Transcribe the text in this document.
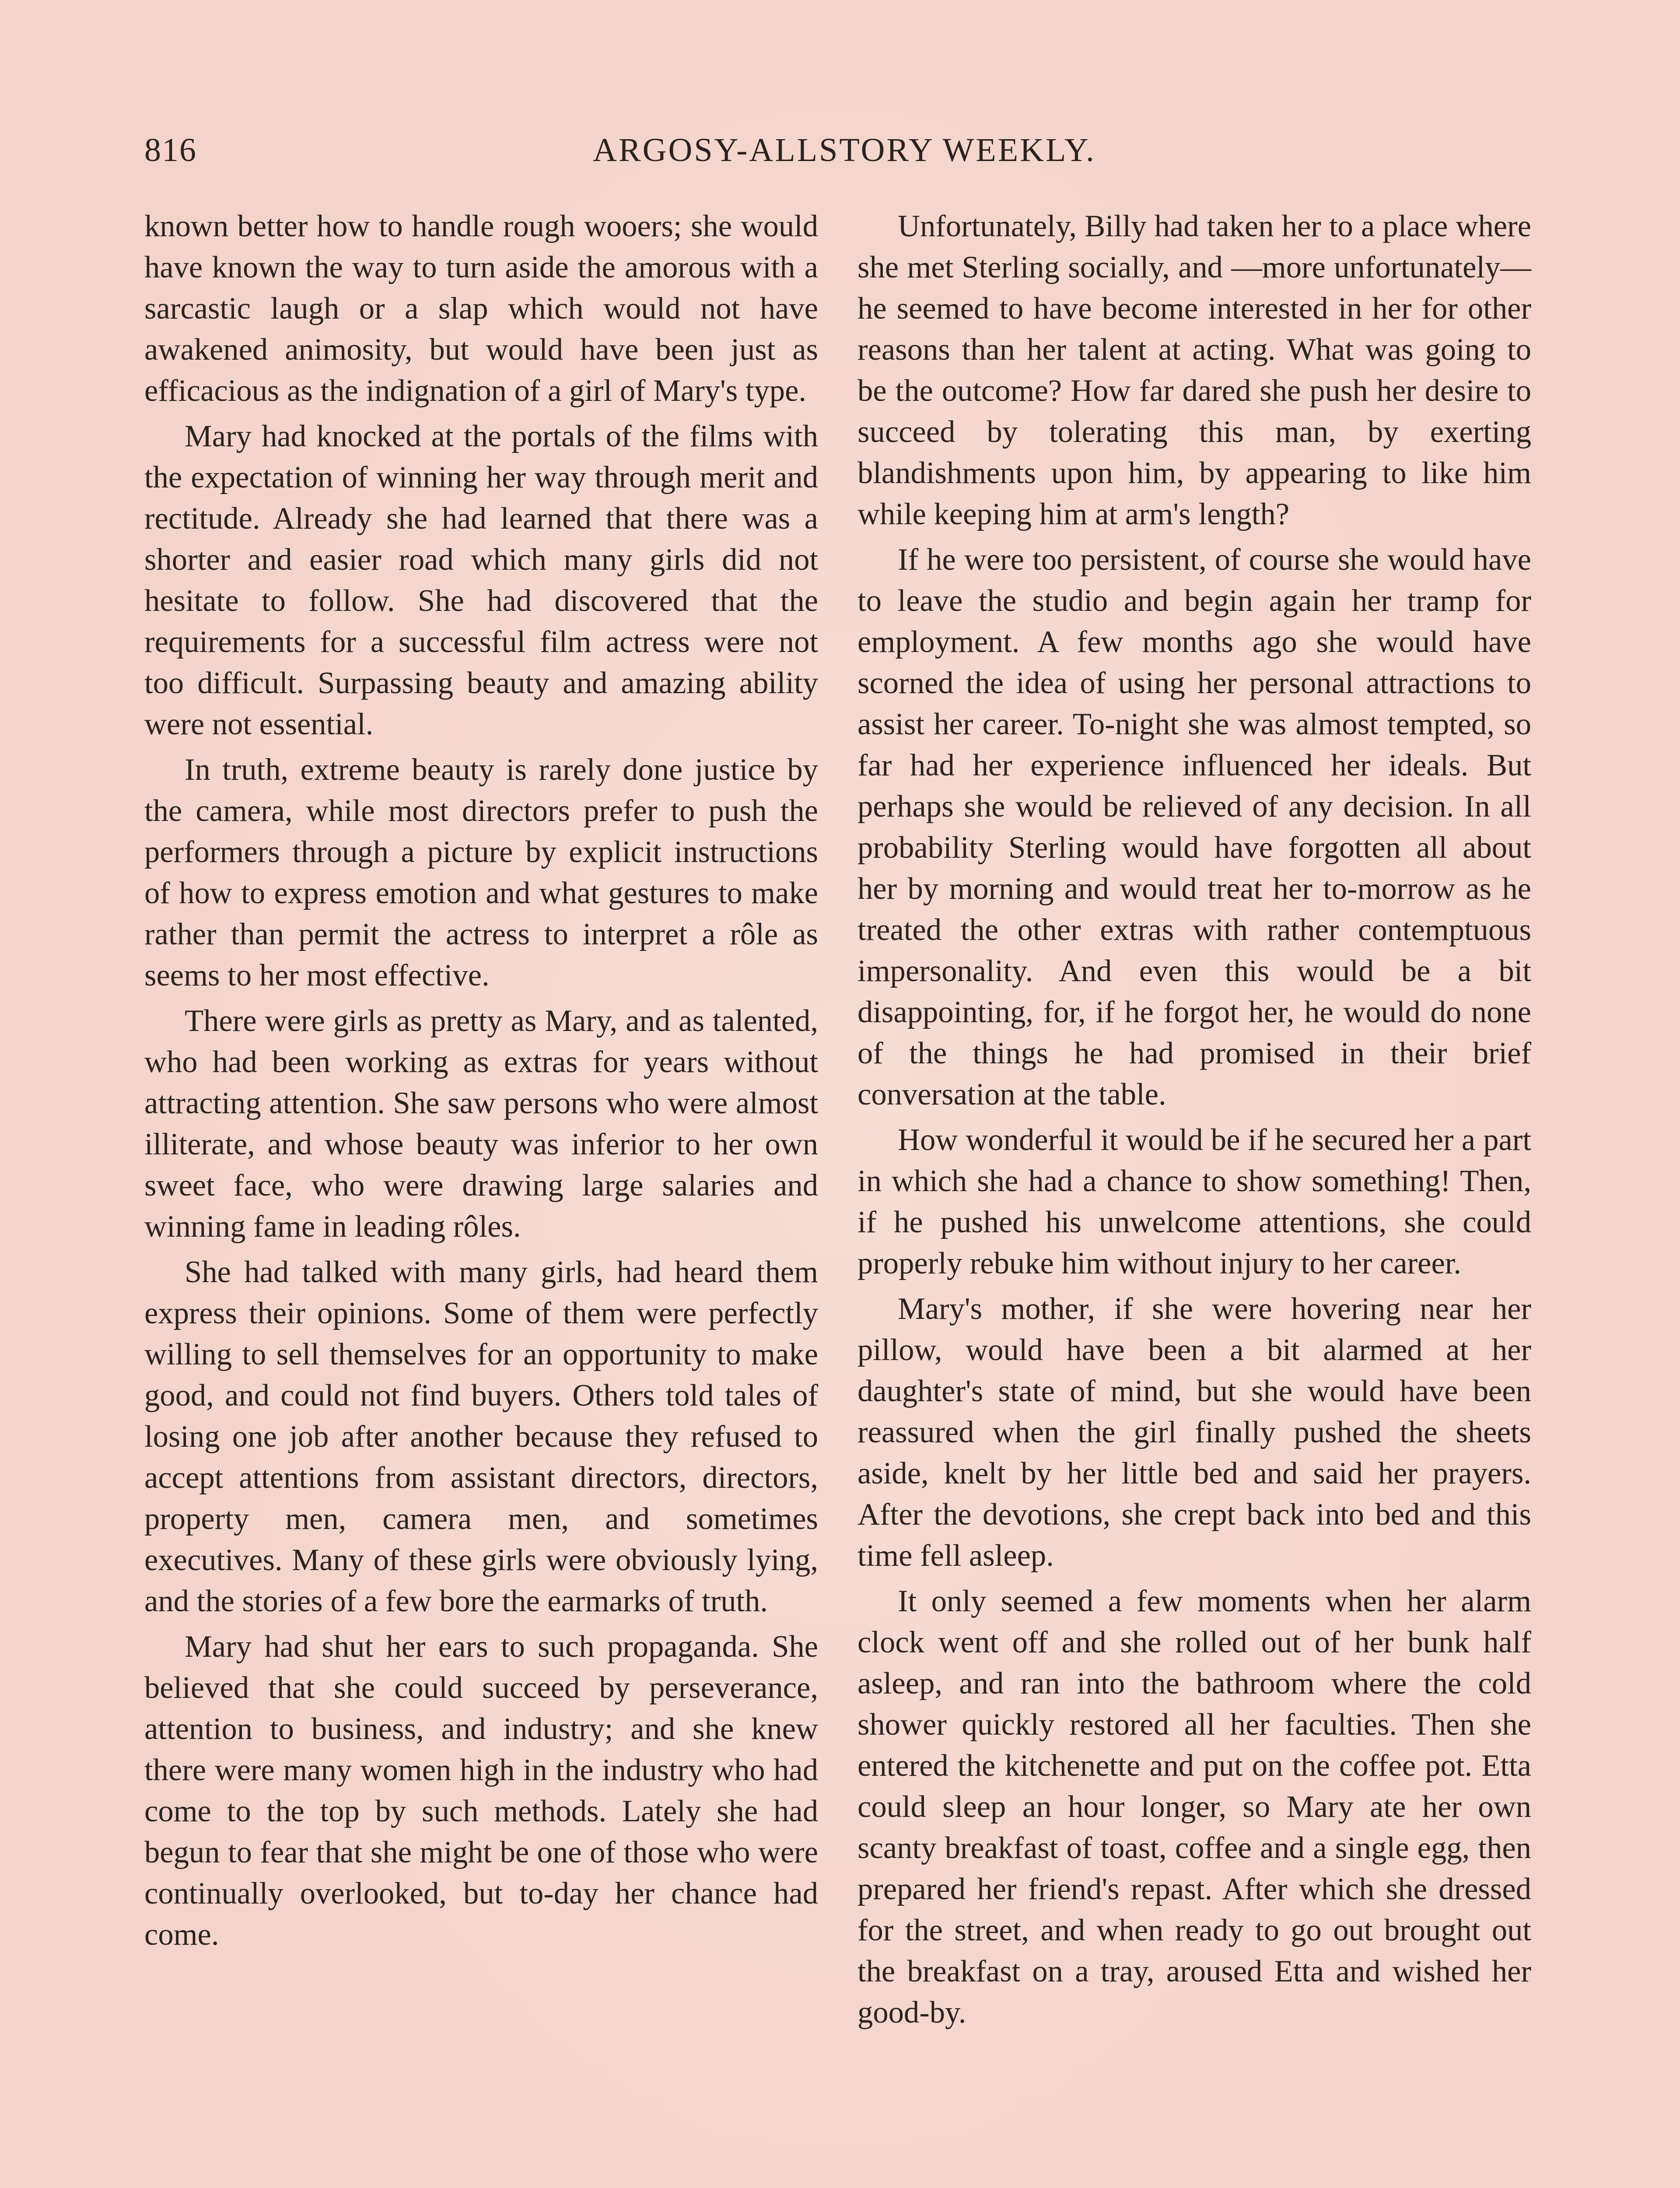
816	ARGOSY-ALLSTORY WEEKLY.

known better how to handle rough wooers; she would have known the way to turn aside the amorous with a sarcastic laugh or a slap which would not have awakened animosity, but would have been just as efficacious as the indignation of a girl of Mary's type.

Mary had knocked at the portals of the films with the expectation of winning her way through merit and rectitude. Already she had learned that there was a shorter and easier road which many girls did not hesitate to follow. She had discovered that the requirements for a successful film actress were not too difficult. Surpassing beauty and amazing ability were not essential.

In truth, extreme beauty is rarely done justice by the camera, while most directors prefer to push the performers through a picture by explicit instructions of how to express emotion and what gestures to make rather than permit the actress to interpret a rôle as seems to her most effective.

There were girls as pretty as Mary, and as talented, who had been working as extras for years without attracting attention. She saw persons who were almost illiterate, and whose beauty was inferior to her own sweet face, who were drawing large salaries and winning fame in leading rôles.

She had talked with many girls, had heard them express their opinions. Some of them were perfectly willing to sell themselves for an opportunity to make good, and could not find buyers. Others told tales of losing one job after another because they refused to accept attentions from assistant directors, directors, property men, camera men, and sometimes executives. Many of these girls were obviously lying, and the stories of a few bore the earmarks of truth.

Mary had shut her ears to such propaganda. She believed that she could succeed by perseverance, attention to business, and industry; and she knew there were many women high in the industry who had come to the top by such methods. Lately she had begun to fear that she might be one of those who were continually overlooked, but to-day her chance had come.

Unfortunately, Billy had taken her to a place where she met Sterling socially, and —more unfortunately—he seemed to have become interested in her for other reasons than her talent at acting. What was going to be the outcome? How far dared she push her desire to succeed by tolerating this man, by exerting blandishments upon him, by appearing to like him while keeping him at arm's length?

If he were too persistent, of course she would have to leave the studio and begin again her tramp for employment. A few months ago she would have scorned the idea of using her personal attractions to assist her career. To-night she was almost tempted, so far had her experience influenced her ideals. But perhaps she would be relieved of any decision. In all probability Sterling would have forgotten all about her by morning and would treat her to-morrow as he treated the other extras with rather contemptuous impersonality. And even this would be a bit disappointing, for, if he forgot her, he would do none of the things he had promised in their brief conversation at the table.

How wonderful it would be if he secured her a part in which she had a chance to show something! Then, if he pushed his unwelcome attentions, she could properly rebuke him without injury to her career.

Mary's mother, if she were hovering near her pillow, would have been a bit alarmed at her daughter's state of mind, but she would have been reassured when the girl finally pushed the sheets aside, knelt by her little bed and said her prayers. After the devotions, she crept back into bed and this time fell asleep.

It only seemed a few moments when her alarm clock went off and she rolled out of her bunk half asleep, and ran into the bathroom where the cold shower quickly restored all her faculties. Then she entered the kitchenette and put on the coffee pot. Etta could sleep an hour longer, so Mary ate her own scanty breakfast of toast, coffee and a single egg, then prepared her friend's repast. After which she dressed for the street, and when ready to go out brought out the breakfast on a tray, aroused Etta and wished her good-by.
